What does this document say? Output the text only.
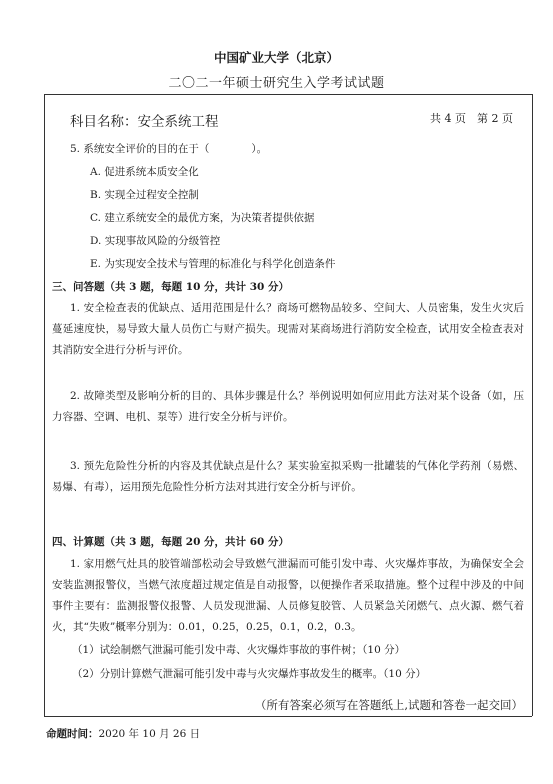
中国矿业大学（北京）
二〇二一年硕士研究生入学考试试题
科目名称：安全系统工程	共 4 页　第 2 页
5. 系统安全评价的目的在于（　　　　）。
A. 促进系统本质安全化
B. 实现全过程安全控制
C. 建立系统安全的最优方案，为决策者提供依据
D. 实现事故风险的分级管控
E. 为实现安全技术与管理的标准化与科学化创造条件
三、问答题（共 3 题，每题 10 分，共计 30 分）
1. 安全检查表的优缺点、适用范围是什么？商场可燃物品较多、空间大、人员密集，发生火灾后蔓延速度快，易导致大量人员伤亡与财产损失。现需对某商场进行消防安全检查，试用安全检查表对其消防安全进行分析与评价。
2. 故障类型及影响分析的目的、具体步骤是什么？举例说明如何应用此方法对某个设备（如，压力容器、空调、电机、泵等）进行安全分析与评价。
3. 预先危险性分析的内容及其优缺点是什么？某实验室拟采购一批罐装的气体化学药剂（易燃、易爆、有毒），运用预先危险性分析方法对其进行安全分析与评价。
四、计算题（共 3 题，每题 20 分，共计 60 分）
1. 家用燃气灶具的胶管端部松动会导致燃气泄漏而可能引发中毒、火灾爆炸事故，为确保安全会安装监测报警仪，当燃气浓度超过规定值是自动报警，以便操作者采取措施。整个过程中涉及的中间事件主要有：监测报警仪报警、人员发现泄漏、人员修复胶管、人员紧急关闭燃气、点火源、燃气着火，其“失败”概率分别为：0.01，0.25，0.25，0.1，0.2，0.3。
（1）试绘制燃气泄漏可能引发中毒、火灾爆炸事故的事件树；（10 分）
（2）分别计算燃气泄漏可能引发中毒与火灾爆炸事故发生的概率。（10 分）
（所有答案必须写在答题纸上,试题和答卷一起交回）
命题时间：2020 年 10 月 26 日
